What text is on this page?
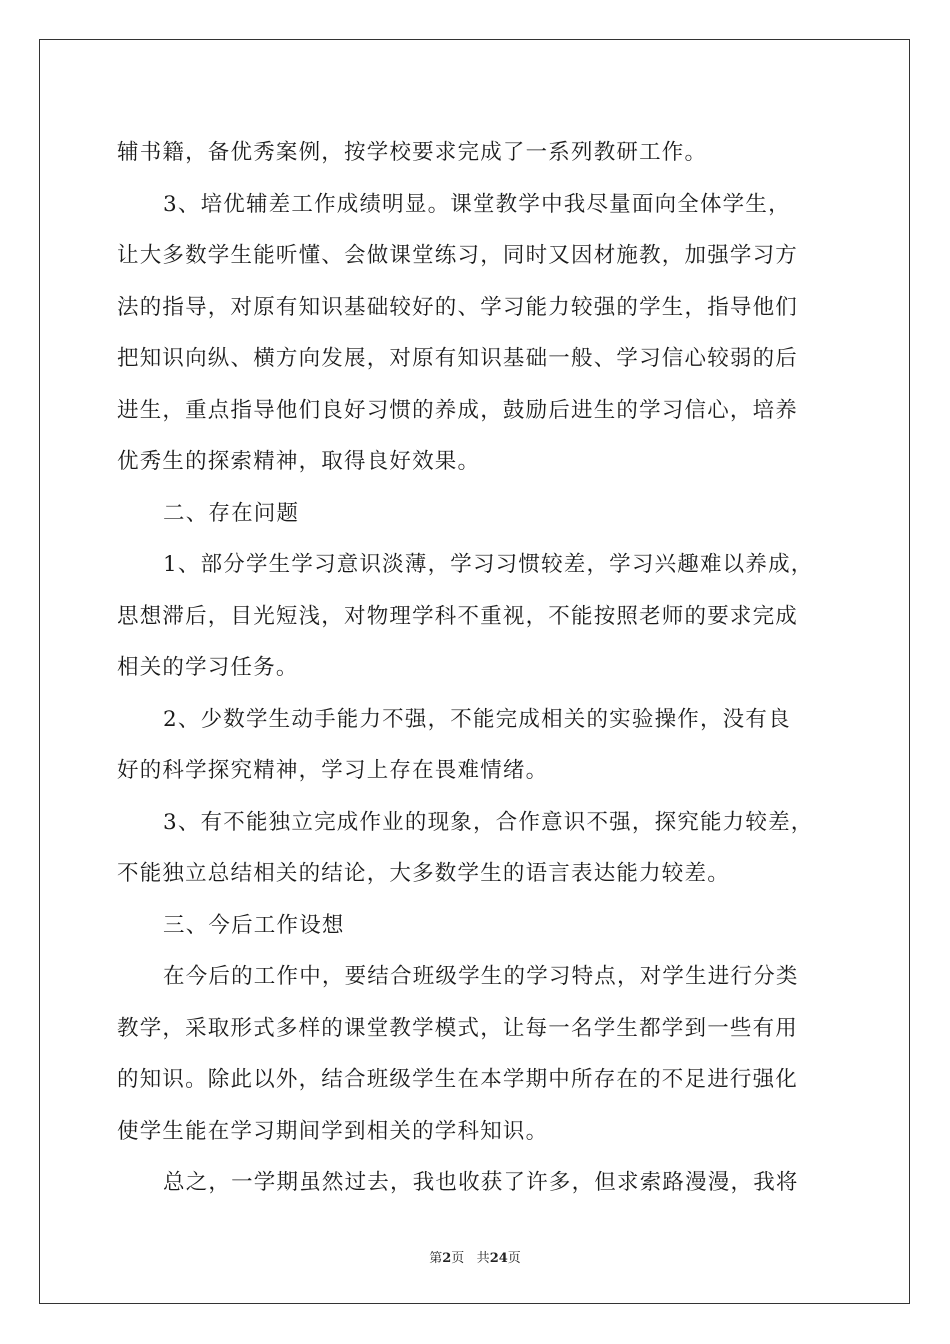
辅书籍，备优秀案例，按学校要求完成了一系列教研工作。
3、培优辅差工作成绩明显。课堂教学中我尽量面向全体学生，
让大多数学生能听懂、会做课堂练习，同时又因材施教，加强学习方
法的指导，对原有知识基础较好的、学习能力较强的学生，指导他们
把知识向纵、横方向发展，对原有知识基础一般、学习信心较弱的后
进生，重点指导他们良好习惯的养成，鼓励后进生的学习信心，培养
优秀生的探索精神，取得良好效果。
二、存在问题
1、部分学生学习意识淡薄，学习习惯较差，学习兴趣难以养成，
思想滞后，目光短浅，对物理学科不重视，不能按照老师的要求完成
相关的学习任务。
2、少数学生动手能力不强，不能完成相关的实验操作，没有良
好的科学探究精神，学习上存在畏难情绪。
3、有不能独立完成作业的现象，合作意识不强，探究能力较差，
不能独立总结相关的结论，大多数学生的语言表达能力较差。
三、今后工作设想
在今后的工作中，要结合班级学生的学习特点，对学生进行分类
教学，采取形式多样的课堂教学模式，让每一名学生都学到一些有用
的知识。除此以外，结合班级学生在本学期中所存在的不足进行强化
使学生能在学习期间学到相关的学科知识。
总之，一学期虽然过去，我也收获了许多，但求索路漫漫，我将
第2页 共24页
